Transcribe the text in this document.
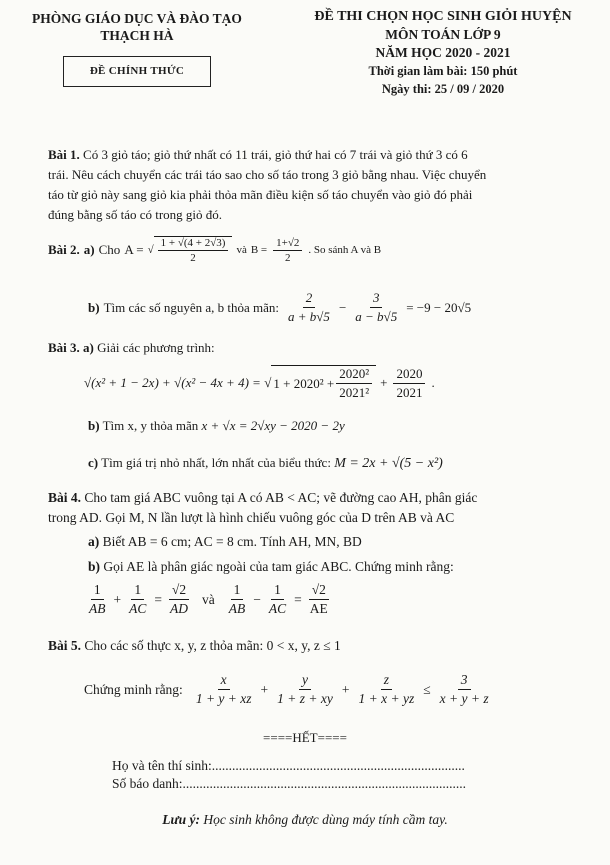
PHÒNG GIÁO DỤC VÀ ĐÀO TẠO
THẠCH HÀ
ĐỀ CHÍNH THỨC
ĐỀ THI CHỌN HỌC SINH GIỎI HUYỆN
MÔN TOÁN LỚP 9
NĂM HỌC 2020 - 2021
Thời gian làm bài: 150 phút
Ngày thi: 25 / 09 / 2020
Bài 1. Có 3 giỏ táo; giỏ thứ nhất có 11 trái, giỏ thứ hai có 7 trái và giỏ thứ 3 có 6
trái. Nêu cách chuyển các trái táo sao cho số táo trong 3 giỏ bằng nhau. Việc chuyển
táo từ giỏ này sang giỏ kia phải thỏa mãn điều kiện số táo chuyển vào giỏ đó phải
đúng bằng số táo có trong giỏ đó.
Bài 2. a) Cho A = √ $\frac{1 + √(4 + 2√3)}{2}$ và $B = \frac{1+√2}{2}$ . So sánh A và B
b) Tìm các số nguyên a, b thỏa mãn: $\frac{2}{a + b√5} - \frac{3}{a - b√5} = -9 - 20√5$
Bài 3. a) Giải các phương trình:
√(x² + 1 − 2x) + √(x² − 4x + 4) = √ $1 + 2020^2 + \frac{\text{2020²}}{\text{2021²}} + \frac{2020}{2021}$ .
b) Tìm x, y thỏa mãn x + √x = 2√xy − 2020 − 2y
c) Tìm giá trị nhỏ nhất, lớn nhất của biểu thức: M = 2x + √(5 − x²)
Bài 4. Cho tam giá ABC vuông tại A có AB < AC; vẽ đường cao AH, phân giác
trong AD. Gọi M, N lần lượt là hình chiếu vuông góc của D trên AB và AC
a) Biết AB = 6 cm; AC = 8 cm. Tính AH, MN, BD
b) Gọi AE là phân giác ngoài của tam giác ABC. Chứng minh rằng:
$\frac{1}{AB} + \frac{1}{AC} = \frac{√2}{AD}$ và $\frac{1}{AB} - \frac{1}{AC} = \frac{√2}{AE}$
Bài 5. Cho các số thực x, y, z thỏa mãn: 0 < x, y, z ≤ 1
Chứng minh rằng: $\frac{x}{1 + y + xz} + \frac{y}{1 + z + xy} + \frac{z}{1 + x + yz} \le \frac{3}{x + y + z}$
====HẾT====
Họ và tên thí sinh:...........................................................................
Số báo danh:....................................................................................
Lưu ý: Học sinh không được dùng máy tính cầm tay.
